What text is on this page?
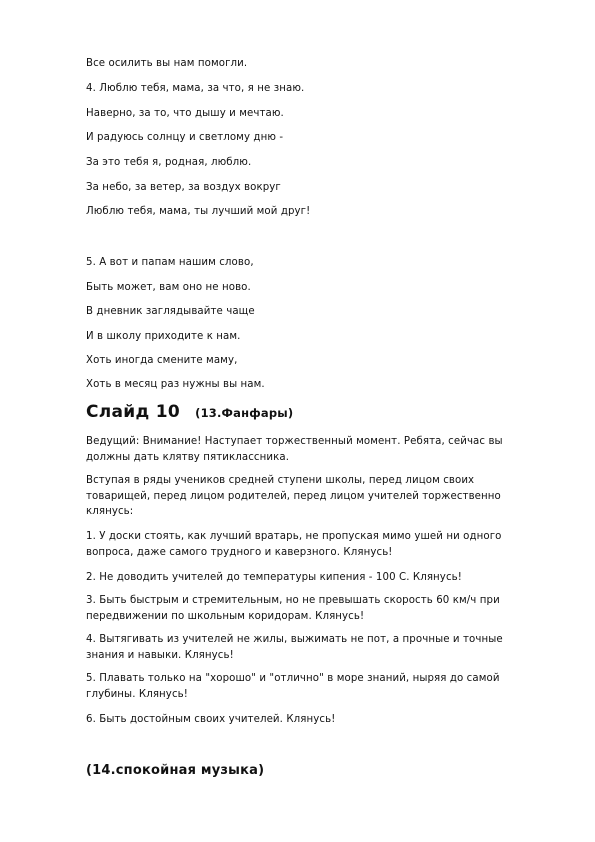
Все осилить вы нам помогли.
4. Люблю тебя, мама, за что, я не знаю.
Наверно, за то, что дышу и мечтаю.
И радуюсь солнцу и светлому дню -
За это тебя я, родная, люблю.
За небо, за ветер, за воздух вокруг
Люблю тебя, мама, ты лучший мой друг!
5. А вот и папам нашим слово,
Быть может, вам оно не ново.
В дневник заглядывайте чаще
И в школу приходите к нам.
Хоть иногда смените маму,
Хоть в месяц раз нужны вы нам.
Слайд 10 (13.Фанфары)
Ведущий: Внимание! Наступает торжественный момент. Ребята, сейчас вы должны дать клятву пятиклассника.
Вступая в ряды учеников средней ступени школы, перед лицом своих товарищей, перед лицом родителей, перед лицом учителей торжественно клянусь:
1. У доски стоять, как лучший вратарь, не пропуская мимо ушей ни одного вопроса, даже самого трудного и каверзного. Клянусь!
2. Не доводить учителей до температуры кипения - 100 С. Клянусь!
3. Быть быстрым и стремительным, но не превышать скорость 60 км/ч при передвижении по школьным коридорам. Клянусь!
4. Вытягивать из учителей не жилы, выжимать не пот, а прочные и точные знания и навыки. Клянусь!
5. Плавать только на "хорошо" и "отлично" в море знаний, ныряя до самой глубины. Клянусь!
6. Быть достойным своих учителей. Клянусь!
(14.спокойная музыка)
